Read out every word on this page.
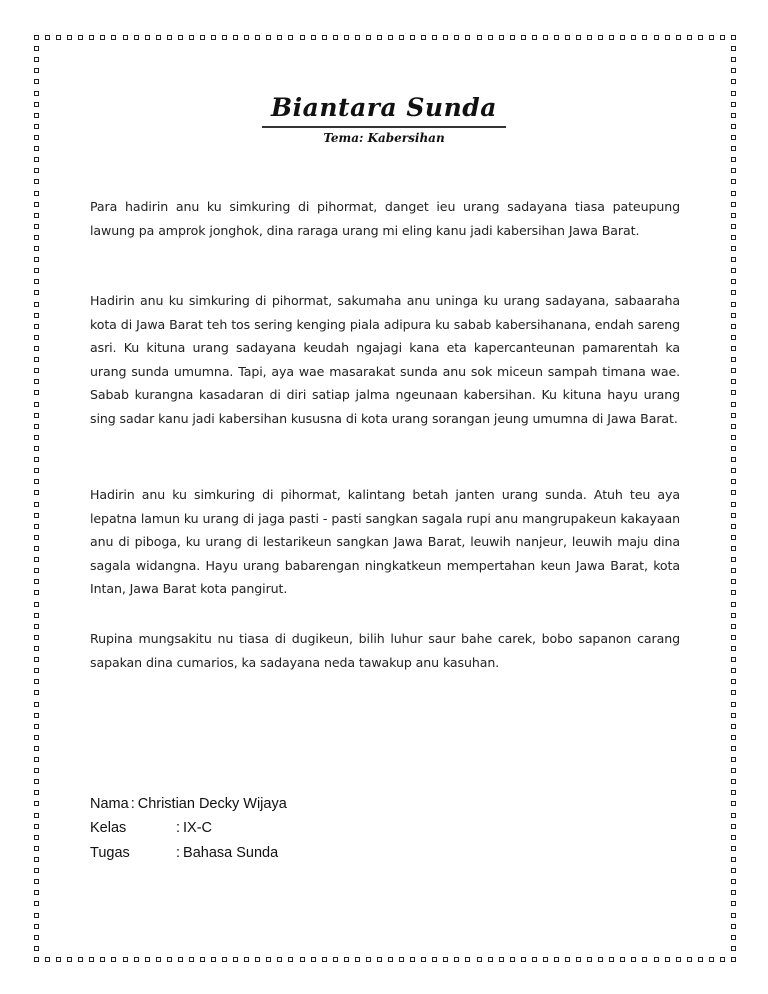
Biantara Sunda
Tema: Kabersihan

Para hadirin anu ku simkuring di pihormat, danget ieu urang sadayana tiasa pateupung lawung pa amprok jonghok, dina raraga urang mi eling kanu jadi kabersihan Jawa Barat.

Hadirin anu ku simkuring di pihormat, sakumaha anu uninga ku urang sadayana, sabaaraha kota di Jawa Barat teh tos sering kenging piala adipura ku sabab kabersihanana, endah sareng asri. Ku kituna urang sadayana keudah ngajagi kana eta kapercanteunan pamarentah ka urang sunda umumna. Tapi, aya wae masarakat sunda anu sok miceun sampah timana wae. Sabab kurangna kasadaran di diri satiap jalma ngeunaan kabersihan. Ku kituna hayu urang sing sadar kanu jadi kabersihan kususna di kota urang sorangan jeung umumna di Jawa Barat.

Hadirin anu ku simkuring di pihormat, kalintang betah janten urang sunda. Atuh teu aya lepatna lamun ku urang di jaga pasti - pasti sangkan sagala rupi anu mangrupakeun kakayaan anu di piboga, ku urang di lestarikeun sangkan Jawa Barat, leuwih nanjeur, leuwih maju dina sagala widangna. Hayu urang babarengan ningkatkeun mempertahan keun Jawa Barat, kota Intan, Jawa Barat kota pangirut.

Rupina mungsakitu nu tiasa di dugikeun, bilih luhur saur bahe carek, bobo sapanon carang sapakan dina cumarios, ka sadayana neda tawakup anu kasuhan.

Nama : Christian Decky Wijaya
Kelas	: IX-C
Tugas	: Bahasa Sunda
